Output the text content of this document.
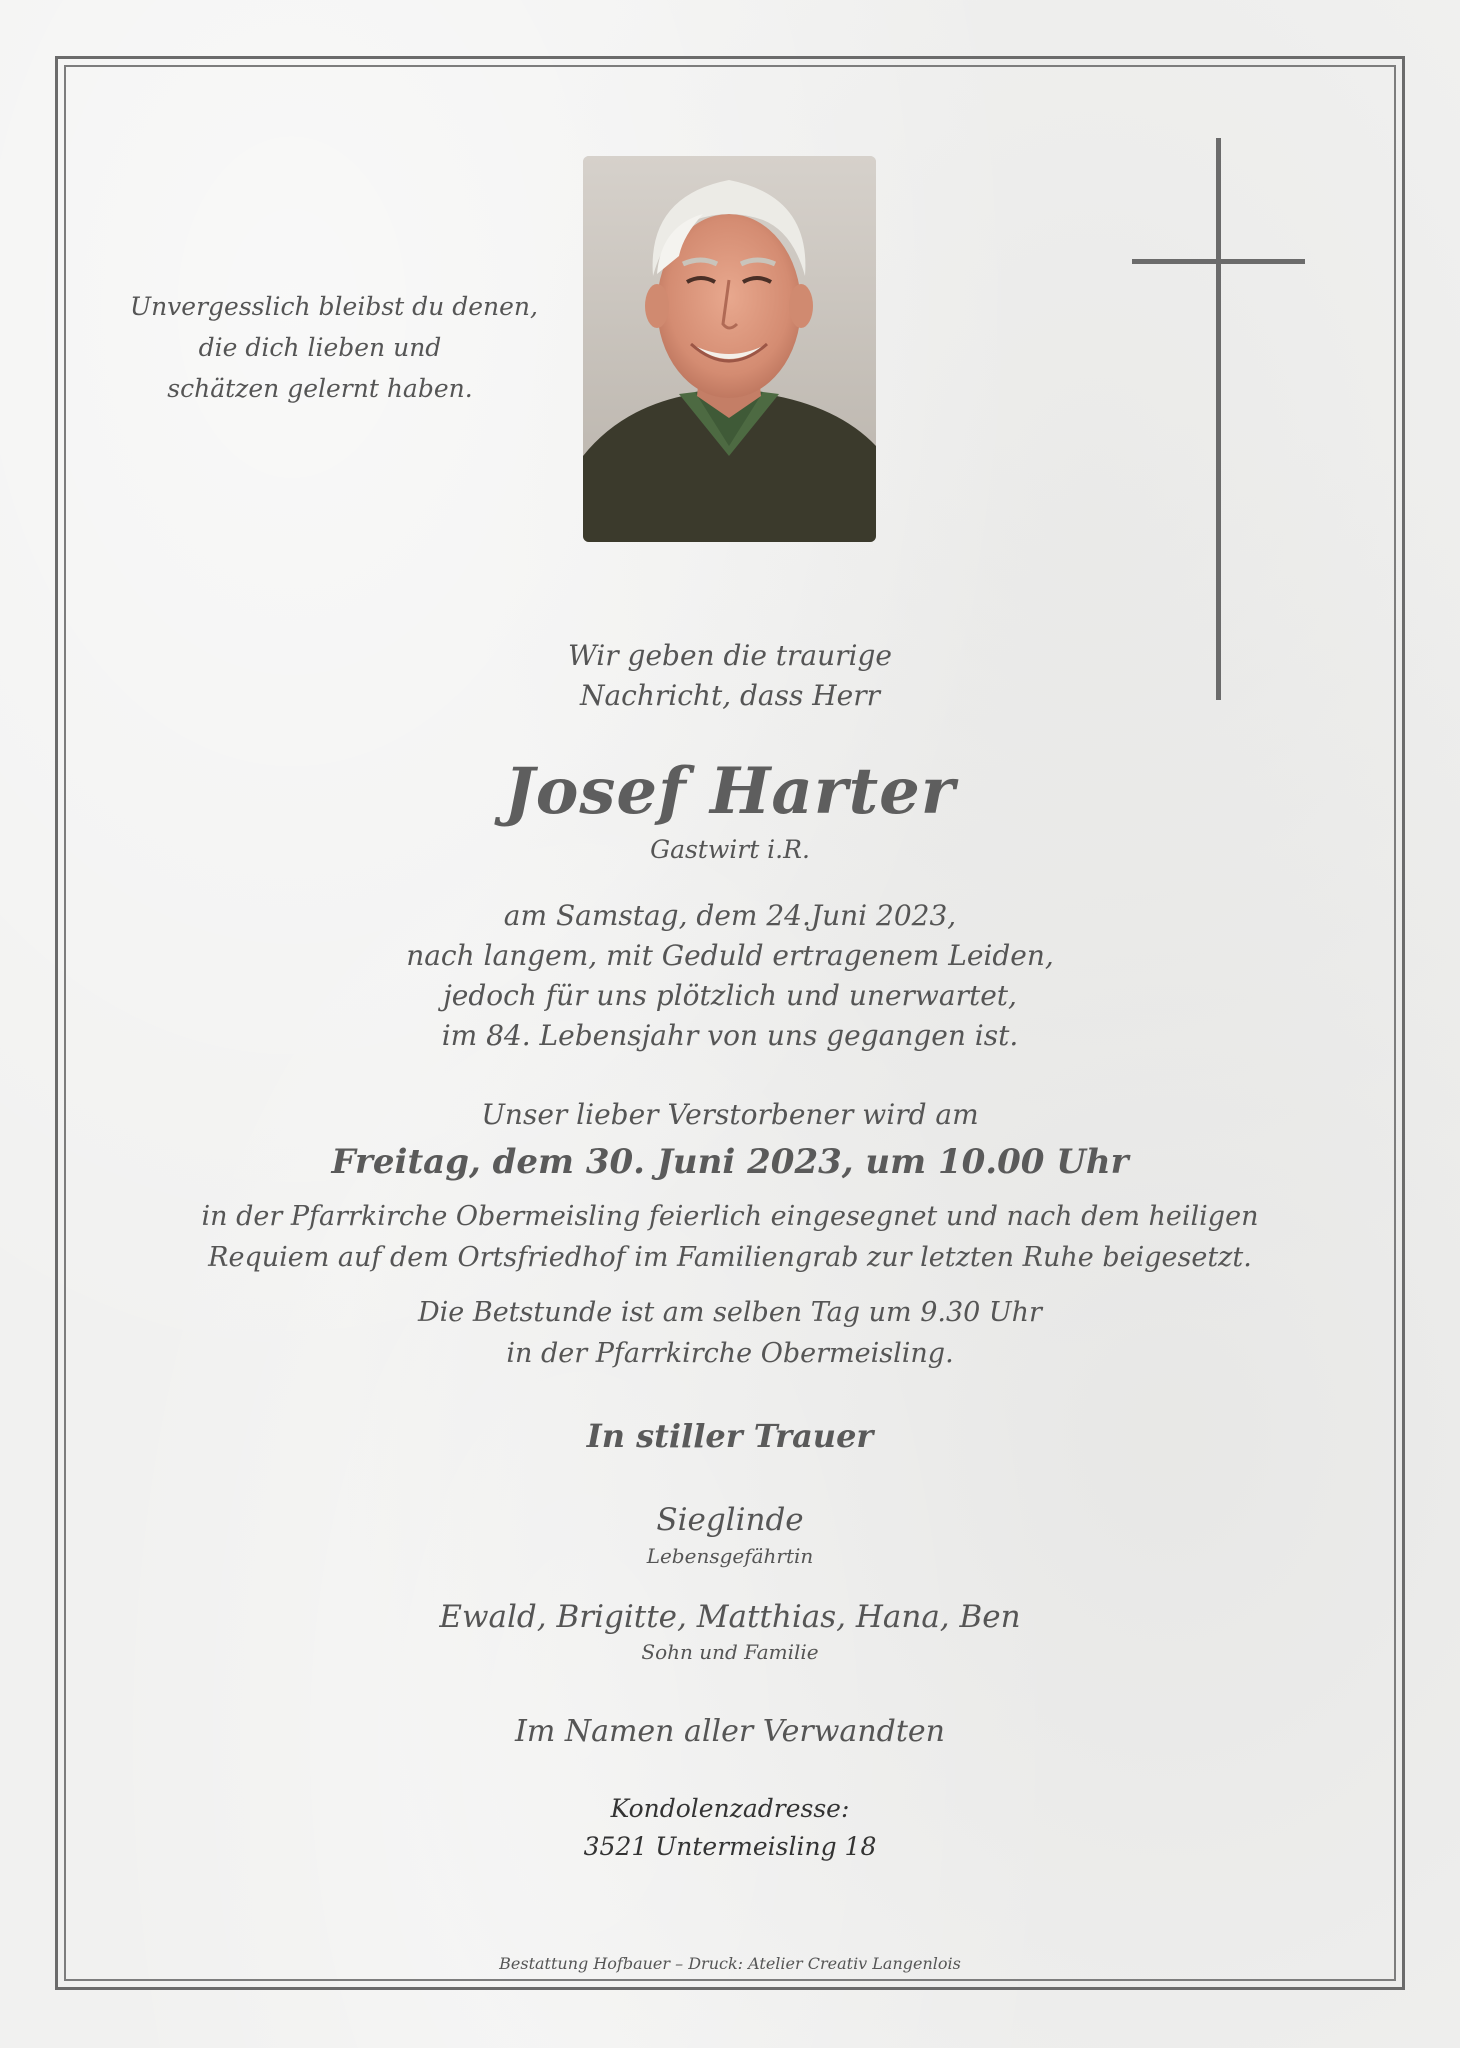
Unvergesslich bleibst du denen,
die dich lieben und
schätzen gelernt haben.
Wir geben die traurige
Nachricht, dass Herr
Josef Harter
Gastwirt i.R.
am Samstag, dem 24.Juni 2023,
nach langem, mit Geduld ertragenem Leiden,
jedoch für uns plötzlich und unerwartet,
im 84. Lebensjahr von uns gegangen ist.
Unser lieber Verstorbener wird am
Freitag, dem 30. Juni 2023, um 10.00 Uhr
in der Pfarrkirche Obermeisling feierlich eingesegnet und nach dem heiligen
Requiem auf dem Ortsfriedhof im Familiengrab zur letzten Ruhe beigesetzt.
Die Betstunde ist am selben Tag um 9.30 Uhr
in der Pfarrkirche Obermeisling.
In stiller Trauer
Sieglinde
Lebensgefährtin
Ewald, Brigitte, Matthias, Hana, Ben
Sohn und Familie
Im Namen aller Verwandten
Kondolenzadresse:
3521 Untermeisling 18
Bestattung Hofbauer – Druck: Atelier Creativ Langenlois
